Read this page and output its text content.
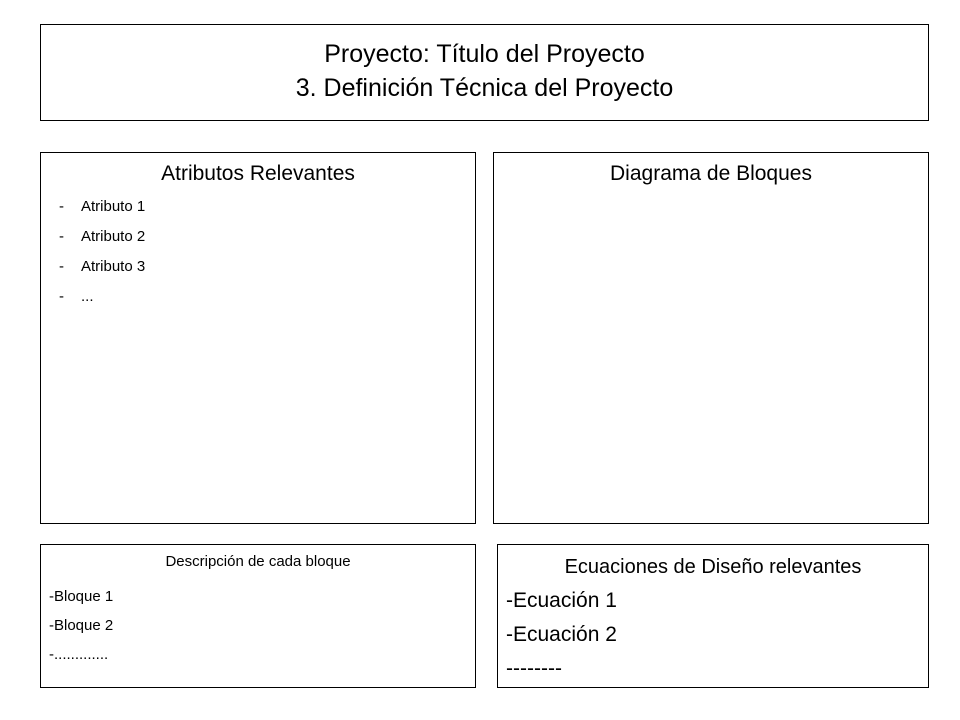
Proyecto: Título del Proyecto
3. Definición Técnica del Proyecto
Atributos Relevantes
-	Atributo 1
-	Atributo 2
-	Atributo 3
-	...
Diagrama de Bloques
Descripción de cada bloque
-Bloque 1
-Bloque 2
-.............
Ecuaciones de Diseño relevantes
-Ecuación 1
-Ecuación 2
--------
